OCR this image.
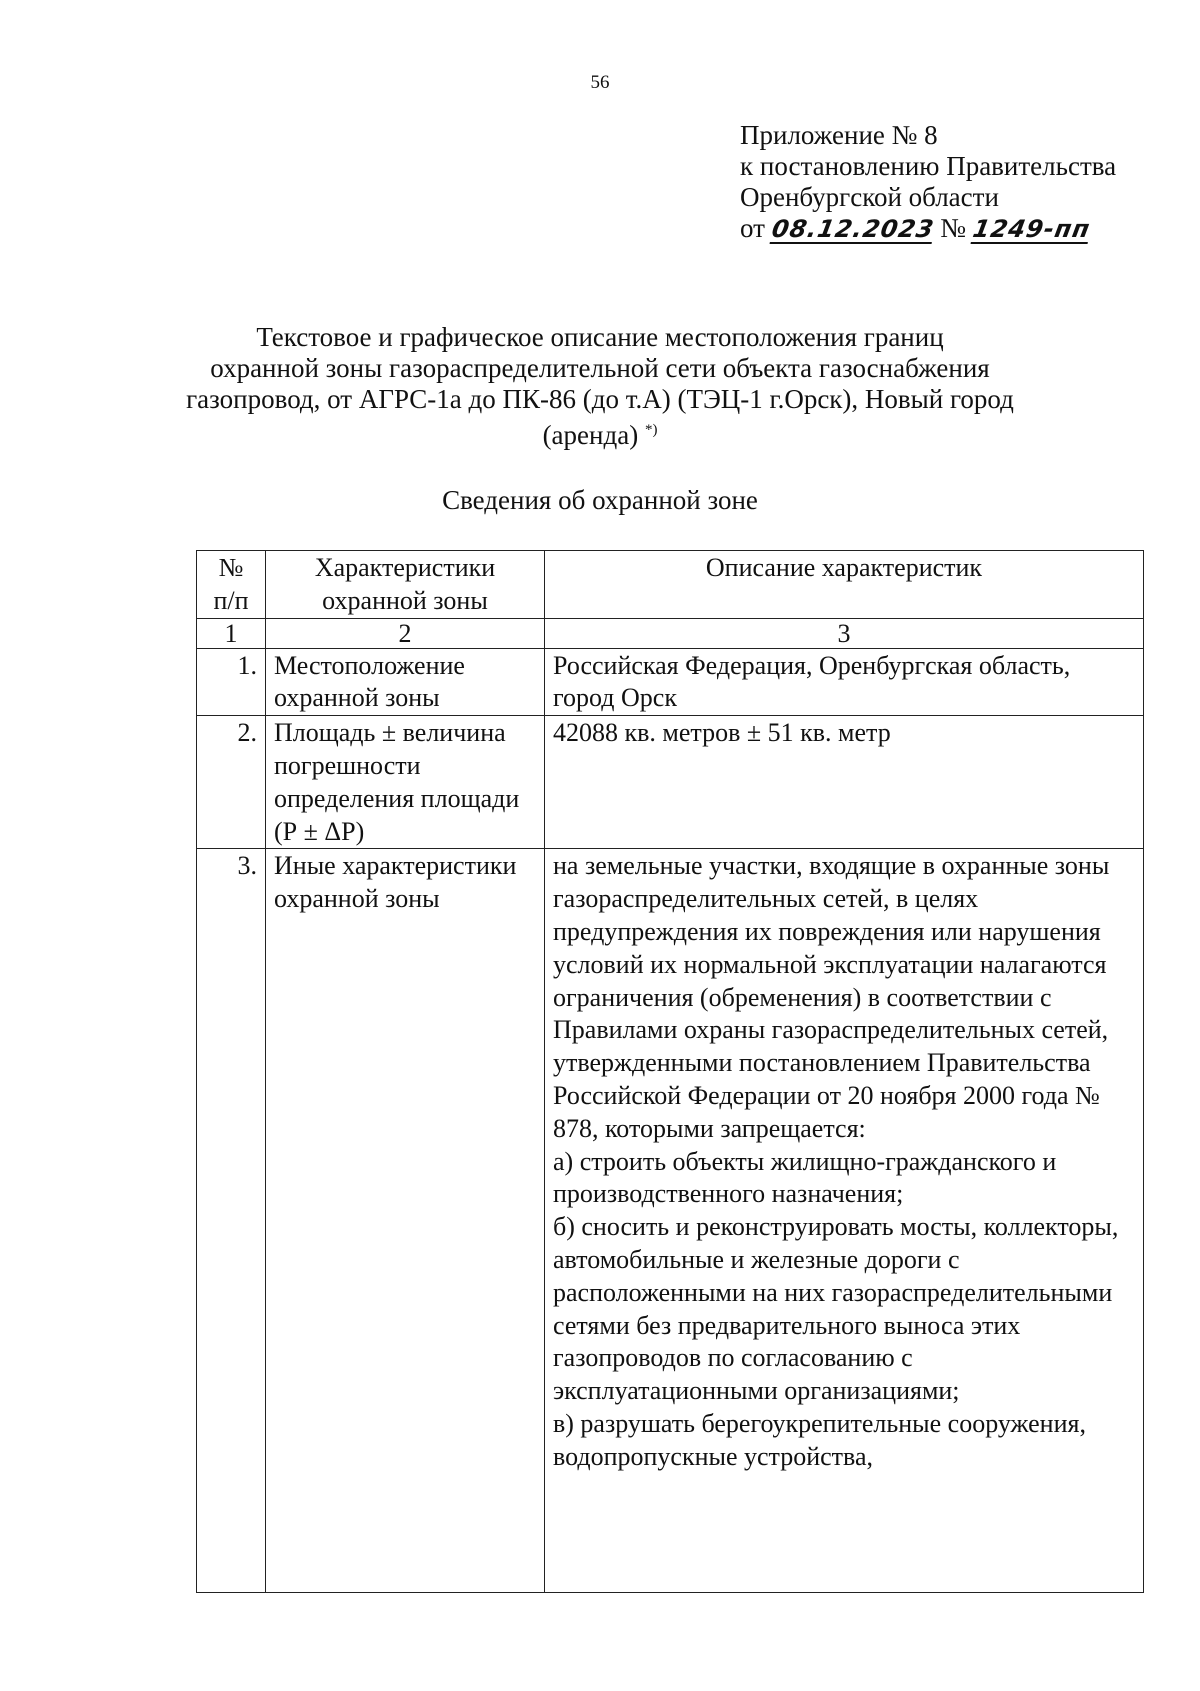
56
Приложение № 8
к постановлению Правительства
Оренбургской области
от 08.12.2023 № 1249-пп
Текстовое и графическое описание местоположения границ
охранной зоны газораспределительной сети объекта газоснабжения
газопровод, от АГРС-1а до ПК-86 (до т.А) (ТЭЦ-1 г.Орск), Новый город
(аренда) *)
Сведения об охранной зоне
№ п/п	Характеристики охранной зоны	Описание характеристик
1	2	3
1.	Местоположение охранной зоны	Российская Федерация, Оренбургская область, город Орск
2.	Площадь ± величина погрешности определения площади (Р ± ΔР)	42088 кв. метров ± 51 кв. метр
3.	Иные характеристики охранной зоны	на земельные участки, входящие в охранные зоны газораспределительных сетей, в целях предупреждения их повреждения или нарушения условий их нормальной эксплуатации налагаются ограничения (обременения) в соответствии с Правилами охраны газораспределительных сетей, утвержденными постановлением Правительства Российской Федерации от 20 ноября 2000 года № 878, которыми запрещается:
а) строить объекты жилищно-гражданского и производственного назначения;
б) сносить и реконструировать мосты, коллекторы, автомобильные и железные дороги с расположенными на них газораспределительными сетями без предварительного выноса этих газопроводов по согласованию с эксплуатационными организациями;
в) разрушать берегоукрепительные сооружения, водопропускные устройства,
